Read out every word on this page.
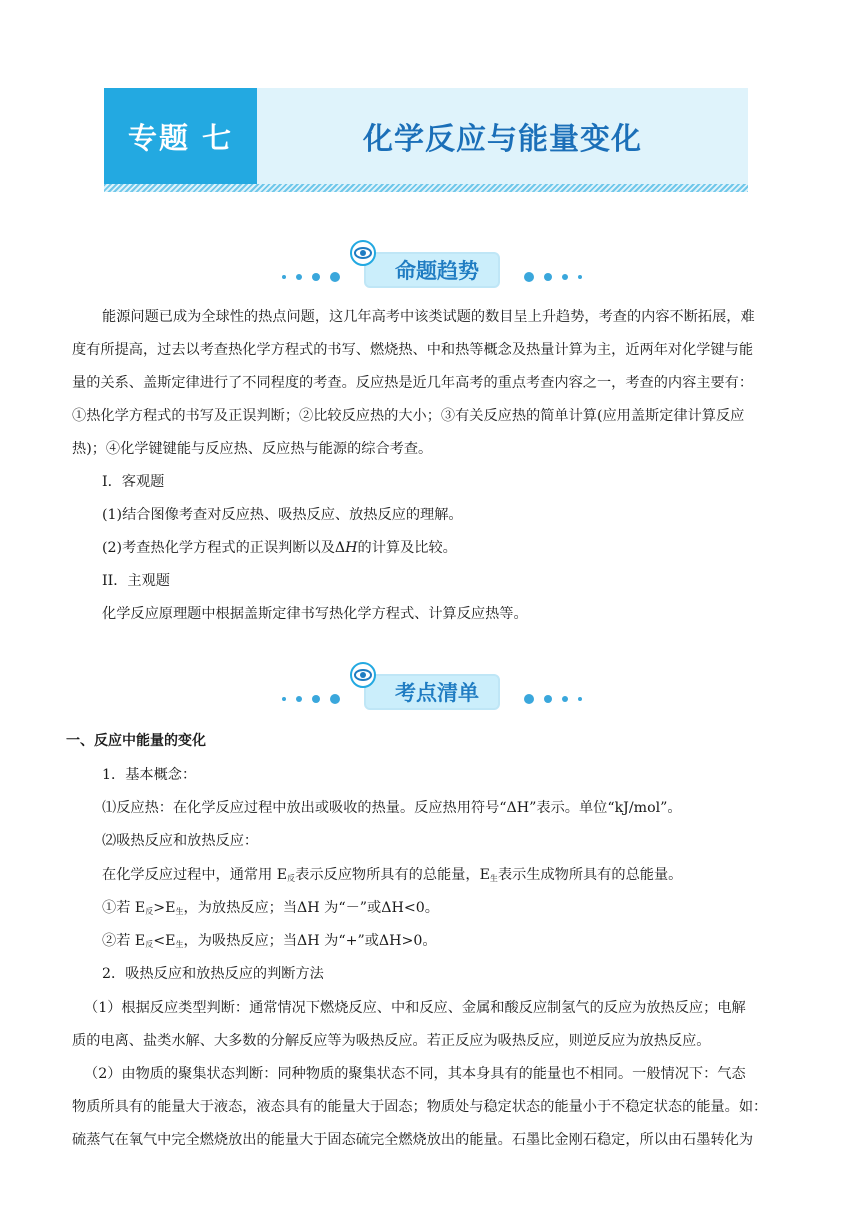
专题 七	化学反应与能量变化
命题趋势
能源问题已成为全球性的热点问题，这几年高考中该类试题的数目呈上升趋势，考查的内容不断拓展，难
度有所提高，过去以考查热化学方程式的书写、燃烧热、中和热等概念及热量计算为主，近两年对化学键与能
量的关系、盖斯定律进行了不同程度的考查。反应热是近几年高考的重点考查内容之一，考查的内容主要有：
①热化学方程式的书写及正误判断；②比较反应热的大小；③有关反应热的简单计算(应用盖斯定律计算反应
热)；④化学键键能与反应热、反应热与能源的综合考查。
I．客观题
(1)结合图像考查对反应热、吸热反应、放热反应的理解。
(2)考查热化学方程式的正误判断以及ΔH的计算及比较。
II．主观题
化学反应原理题中根据盖斯定律书写热化学方程式、计算反应热等。
考点清单
一、反应中能量的变化
1．基本概念：
⑴反应热：在化学反应过程中放出或吸收的热量。反应热用符号“ΔH”表示。单位“kJ/mol”。
⑵吸热反应和放热反应：
在化学反应过程中，通常用 $E_反$表示反应物所具有的总能量，$E_生$表示生成物所具有的总能量。
①若 $E_反>E_生$，为放热反应；当ΔH 为“－”或ΔH<0。
②若 $E_反<E_生$，为吸热反应；当ΔH 为“+”或ΔH>0。
2．吸热反应和放热反应的判断方法
（1）根据反应类型判断：通常情况下燃烧反应、中和反应、金属和酸反应制氢气的反应为放热反应；电解
质的电离、盐类水解、大多数的分解反应等为吸热反应。若正反应为吸热反应，则逆反应为放热反应。
（2）由物质的聚集状态判断：同种物质的聚集状态不同，其本身具有的能量也不相同。一般情况下：气态
物质所具有的能量大于液态，液态具有的能量大于固态；物质处与稳定状态的能量小于不稳定状态的能量。如：
硫蒸气在氧气中完全燃烧放出的能量大于固态硫完全燃烧放出的能量。石墨比金刚石稳定，所以由石墨转化为
